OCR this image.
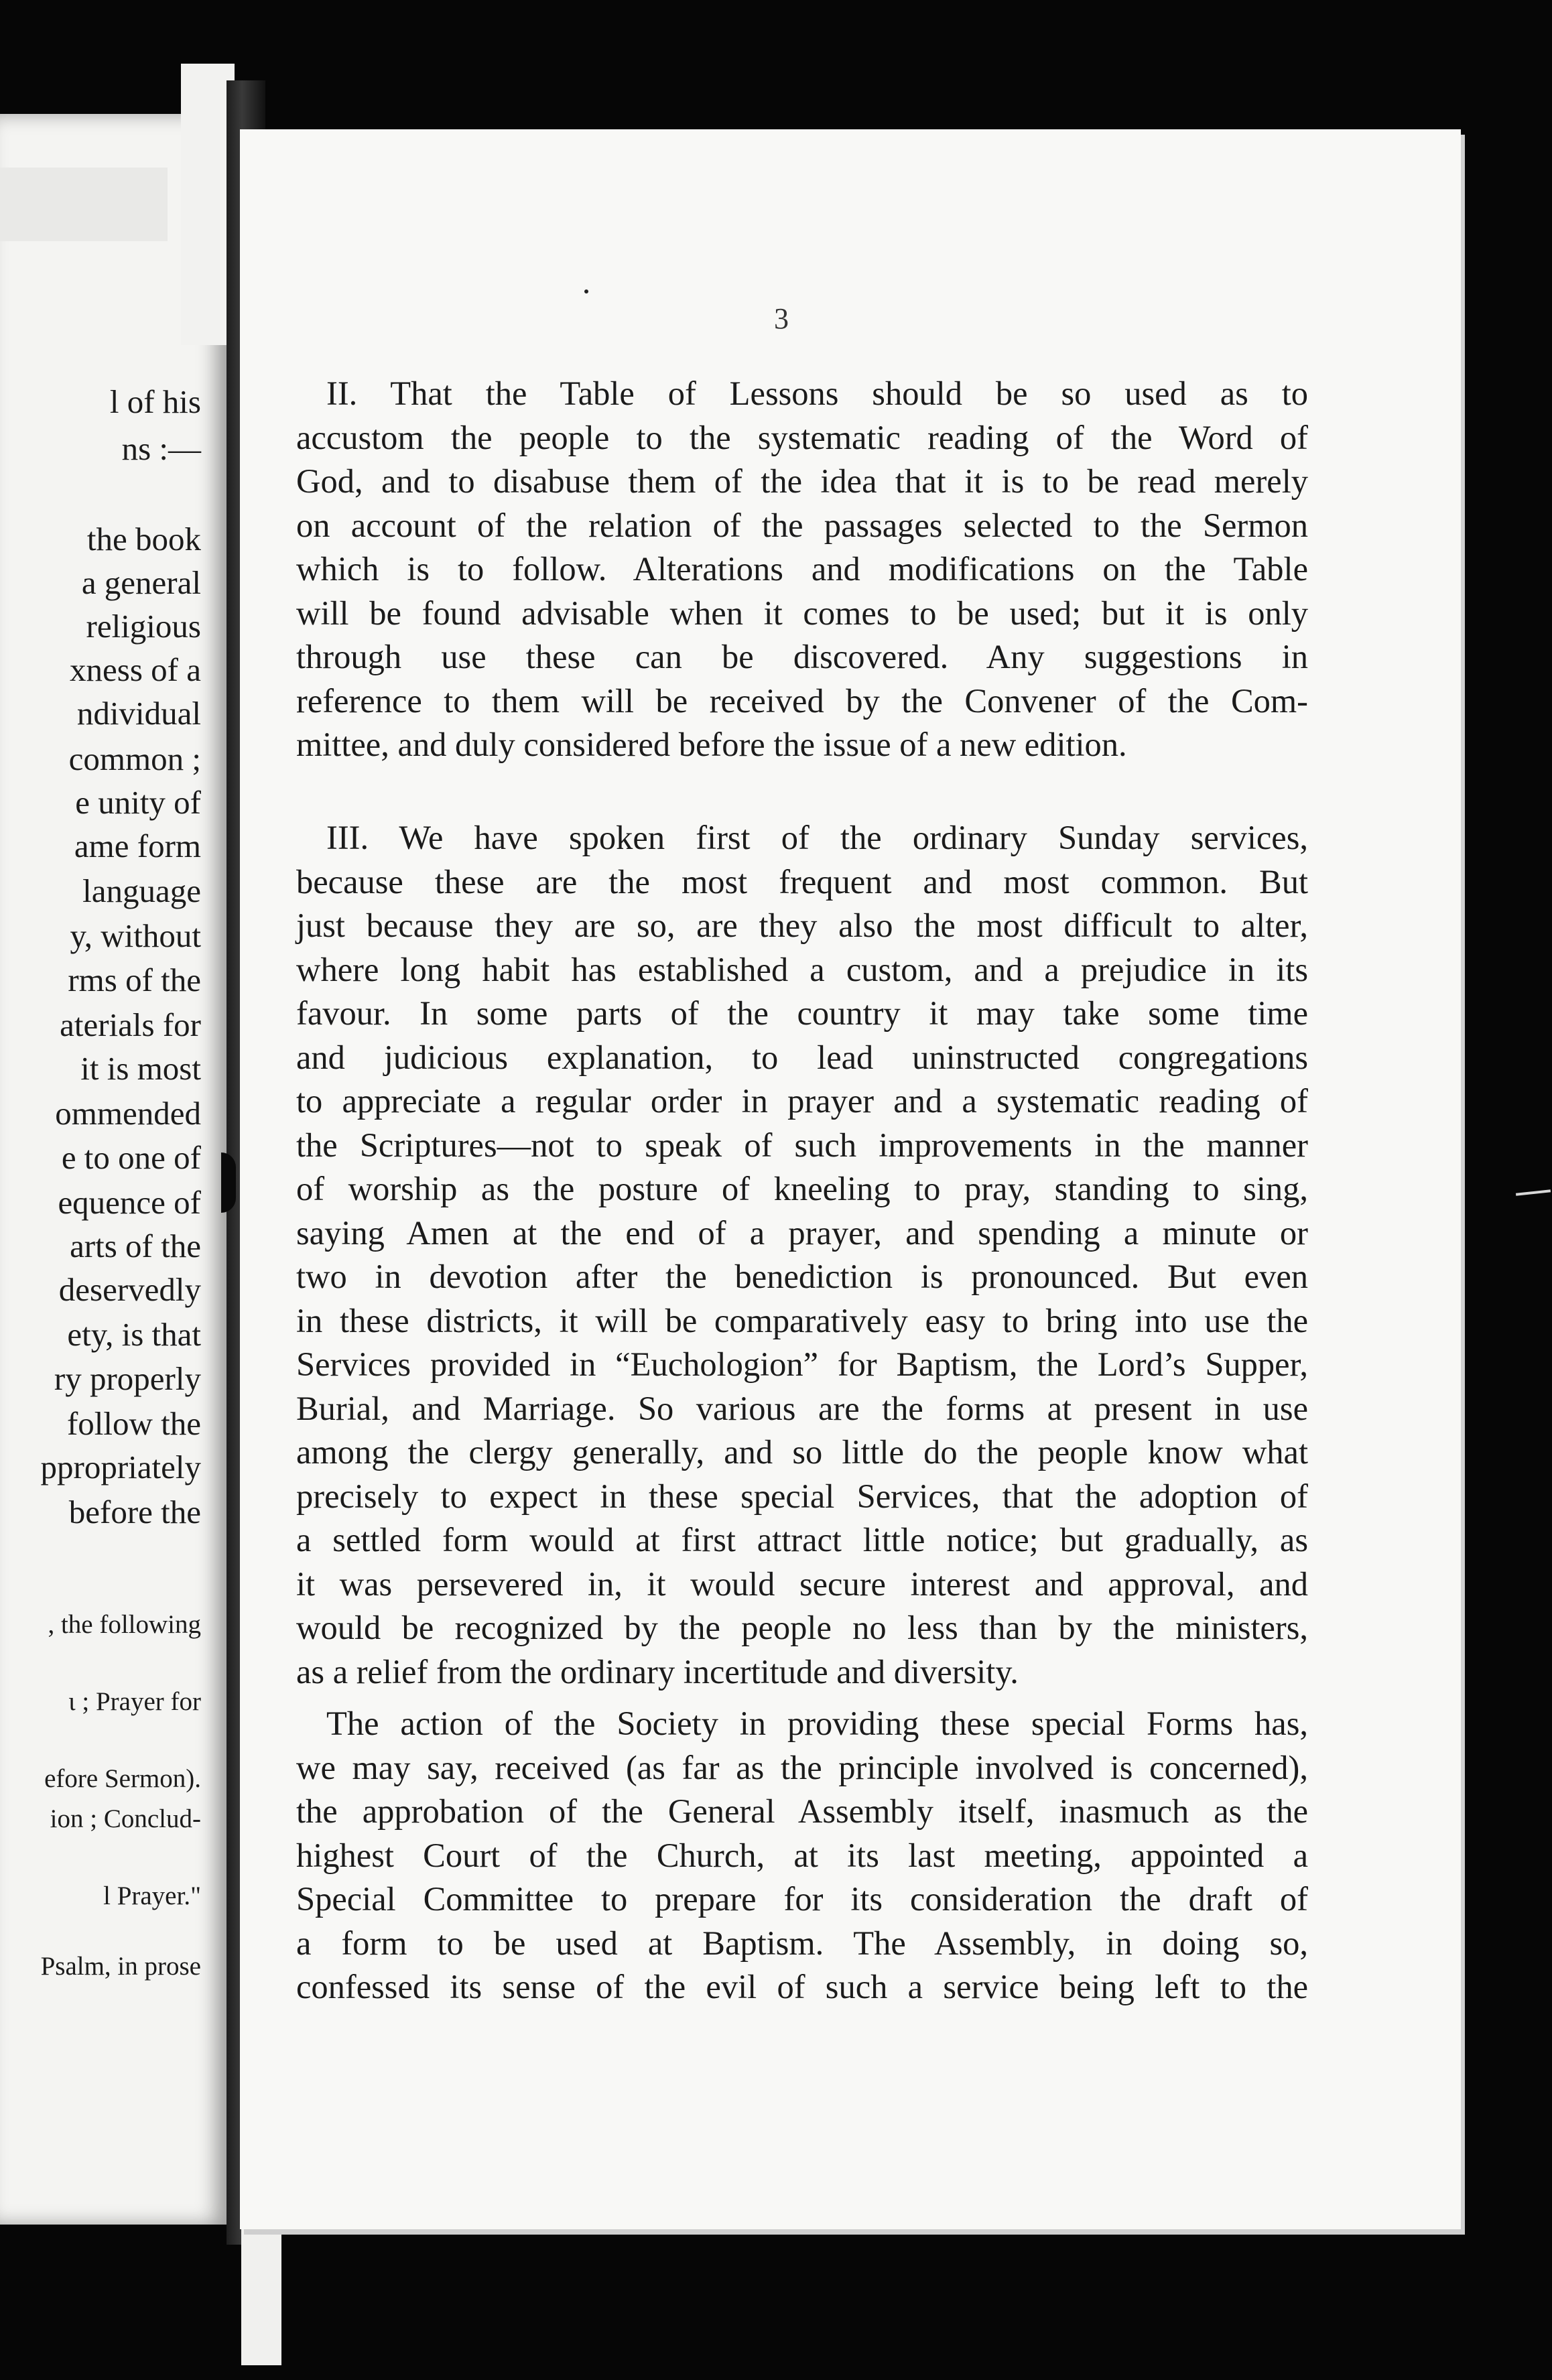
l of his
ns :—
the book
a general
religious
xness of a
ndividual
common ;
e unity of
ame form
language
y, without
rms of the
aterials for
it is most
ommended
e to one of
equence of
arts of the
deservedly
ety, is that
ry properly
follow the
ppropriately
before the
, the following
ι ; Prayer for
efore Sermon).
ion ; Conclud-
l Prayer."
Psalm, in prose
3

II. That the Table of Lessons should be so used as to

accustom the people to the systematic reading of the Word of

God, and to disabuse them of the idea that it is to be read merely

on account of the relation of the passages selected to the Sermon

which is to follow. Alterations and modifications on the Table

will be found advisable when it comes to be used; but it is only

through use these can be discovered. Any suggestions in

reference to them will be received by the Convener of the Com-

mittee, and duly considered before the issue of a new edition.

III. We have spoken first of the ordinary Sunday services,

because these are the most frequent and most common. But

just because they are so, are they also the most difficult to alter,

where long habit has established a custom, and a prejudice in its

favour. In some parts of the country it may take some time

and judicious explanation, to lead uninstructed congregations

to appreciate a regular order in prayer and a systematic reading of

the Scriptures—not to speak of such improvements in the manner

of worship as the posture of kneeling to pray, standing to sing,

saying Amen at the end of a prayer, and spending a minute or

two in devotion after the benediction is pronounced. But even

in these districts, it will be comparatively easy to bring into use the

Services provided in “Euchologion” for Baptism, the Lord’s Supper,

Burial, and Marriage. So various are the forms at present in use

among the clergy generally, and so little do the people know what

precisely to expect in these special Services, that the adoption of

a settled form would at first attract little notice; but gradually, as

it was persevered in, it would secure interest and approval, and

would be recognized by the people no less than by the ministers,

as a relief from the ordinary incertitude and diversity.

The action of the Society in providing these special Forms has,

we may say, received (as far as the principle involved is concerned),

the approbation of the General Assembly itself, inasmuch as the

highest Court of the Church, at its last meeting, appointed a

Special Committee to prepare for its consideration the draft of

a form to be used at Baptism. The Assembly, in doing so,

confessed its sense of the evil of such a service being left to the
